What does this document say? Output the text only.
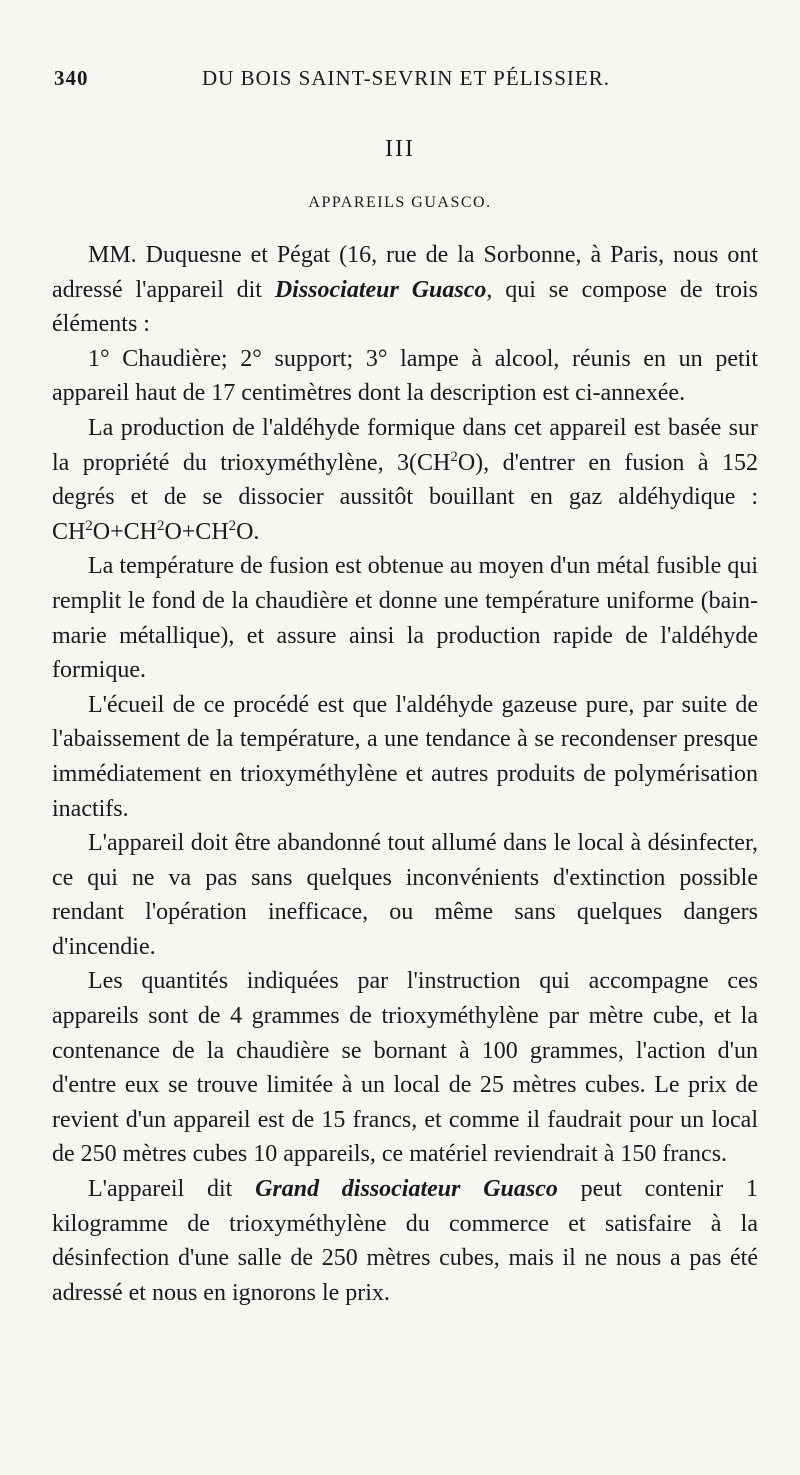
340	DU BOIS SAINT-SEVRIN ET PÉLISSIER.
III
APPAREILS GUASCO.

MM. Duquesne et Pégat (16, rue de la Sorbonne, à Paris, nous ont adressé l'appareil dit Dissociateur Guasco, qui se compose de trois éléments :

1° Chaudière; 2° support; 3° lampe à alcool, réunis en un petit appareil haut de 17 centimètres dont la description est ci-annexée.

La production de l'aldéhyde formique dans cet appareil est basée sur la propriété du trioxyméthylène, $3(CH^2O)$, d'entrer en fusion à 152 degrés et de se dissocier aussitôt bouillant en gaz aldéhydique : $CH^2O+CH^2O+CH^2O$.

La température de fusion est obtenue au moyen d'un métal fusible qui remplit le fond de la chaudière et donne une température uniforme (bain-marie métallique), et assure ainsi la production rapide de l'aldéhyde formique.

L'écueil de ce procédé est que l'aldéhyde gazeuse pure, par suite de l'abaissement de la température, a une tendance à se recondenser presque immédiatement en trioxyméthylène et autres produits de polymérisation inactifs.

L'appareil doit être abandonné tout allumé dans le local à désinfecter, ce qui ne va pas sans quelques inconvénients d'extinction possible rendant l'opération inefficace, ou même sans quelques dangers d'incendie.

Les quantités indiquées par l'instruction qui accompagne ces appareils sont de 4 grammes de trioxyméthylène par mètre cube, et la contenance de la chaudière se bornant à 100 grammes, l'action d'un d'entre eux se trouve limitée à un local de 25 mètres cubes. Le prix de revient d'un appareil est de 15 francs, et comme il faudrait pour un local de 250 mètres cubes 10 appareils, ce matériel reviendrait à 150 francs.

L'appareil dit Grand dissociateur Guasco peut contenir 1 kilogramme de trioxyméthylène du commerce et satisfaire à la désinfection d'une salle de 250 mètres cubes, mais il ne nous a pas été adressé et nous en ignorons le prix.
